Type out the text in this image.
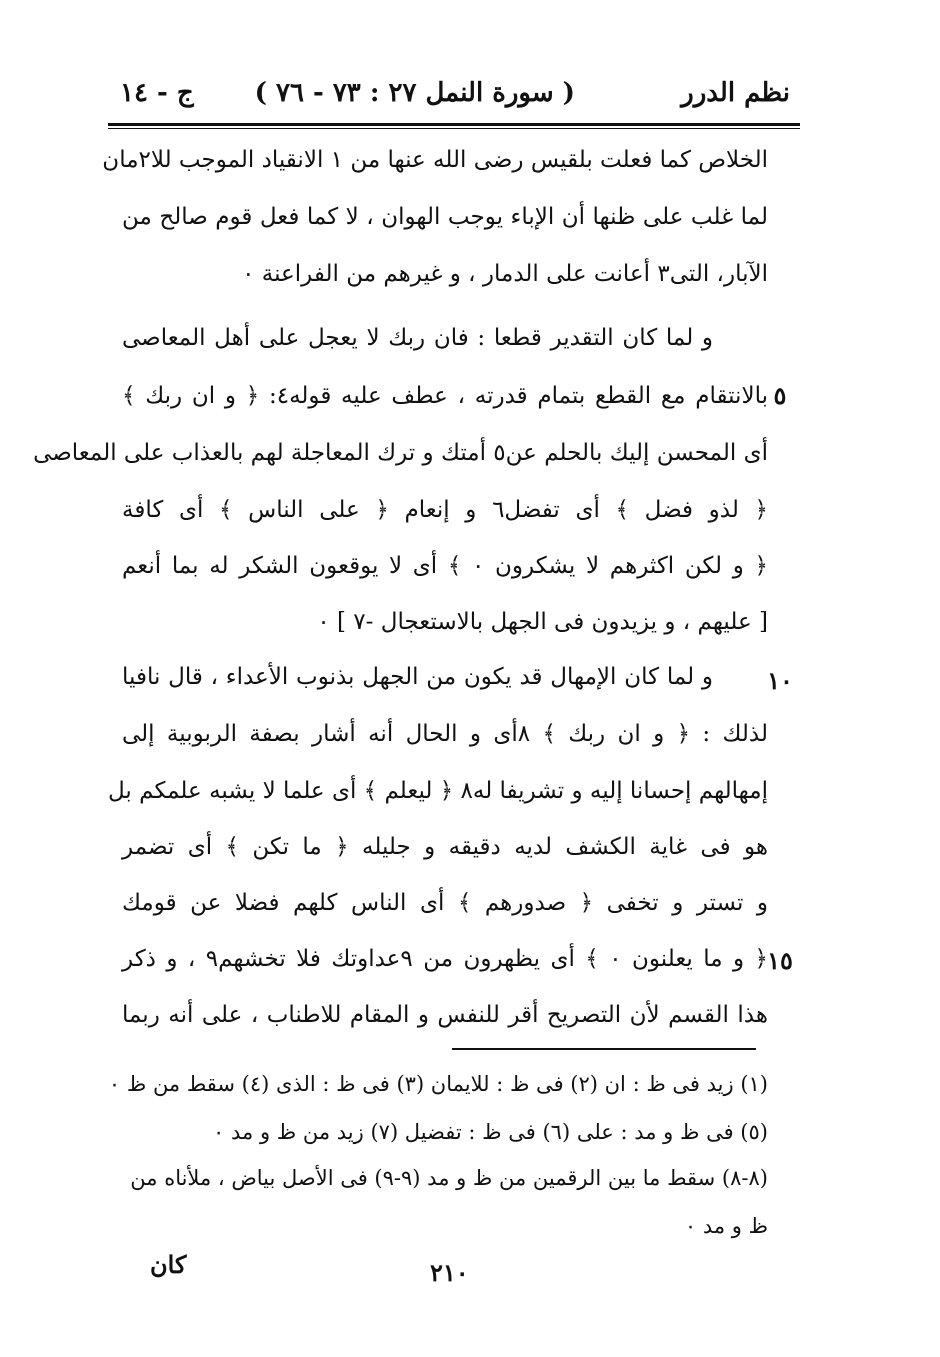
نظم الدرر
( سورة النمل ٢٧ : ٧٣ - ٧٦ )
ج - ١٤
الخلاص كما فعلت بلقيس رضى الله عنها من ١ الانقياد الموجب للا٢مان
لما غلب على ظنها أن الإباء يوجب الهوان ، لا كما فعل قوم صالح من
الآبار، التى٣ أعانت على الدمار ، و غيرهم من الفراعنة ٠
و لما كان التقدير قطعا : فان ربك لا يعجل على أهل المعاصى
بالانتقام مع القطع بتمام قدرته ، عطف عليه قوله٤: ﴿ و ان ربك ﴾
أى المحسن إليك بالحلم عن٥ أمتك و ترك المعاجلة لهم بالعذاب على المعاصى
﴿ لذو فضل ﴾ أى تفضل٦ و إنعام ﴿ على الناس ﴾ أى كافة
﴿ و لكن اكثرهم لا يشكرون ٠ ﴾ أى لا يوقعون الشكر له بما أنعم
[ عليهم ، و يزيدون فى الجهل بالاستعجال -٧ ] ٠
و لما كان الإمهال قد يكون من الجهل بذنوب الأعداء ، قال نافيا
لذلك : ﴿ و ان ربك ﴾ ٨أى و الحال أنه أشار بصفة الربوبية إلى
إمهالهم إحسانا إليه و تشريفا له٨ ﴿ ليعلم ﴾ أى علما لا يشبه علمكم بل
هو فى غاية الكشف لديه دقيقه و جليله ﴿ ما تكن ﴾ أى تضمر
و تستر و تخفى ﴿ صدورهم ﴾ أى الناس كلهم فضلا عن قومك
﴿ و ما يعلنون ٠ ﴾ أى يظهرون من ٩عداوتك فلا تخشهم٩ ، و ذكر
هذا القسم لأن التصريح أقر للنفس و المقام للاطناب ، على أنه ربما
٥
١٠
١٥
(١) زيد فى ظ : ان (٢) فى ظ : للايمان (٣) فى ظ : الذى (٤) سقط من ظ ٠
(٥) فى ظ و مد : على (٦) فى ظ : تفضيل (٧) زيد من ظ و مد ٠
(٨-٨) سقط ما بين الرقمين من ظ و مد (٩-٩) فى الأصل بياض ، ملأناه من
ظ و مد ٠
كان	٢١٠
